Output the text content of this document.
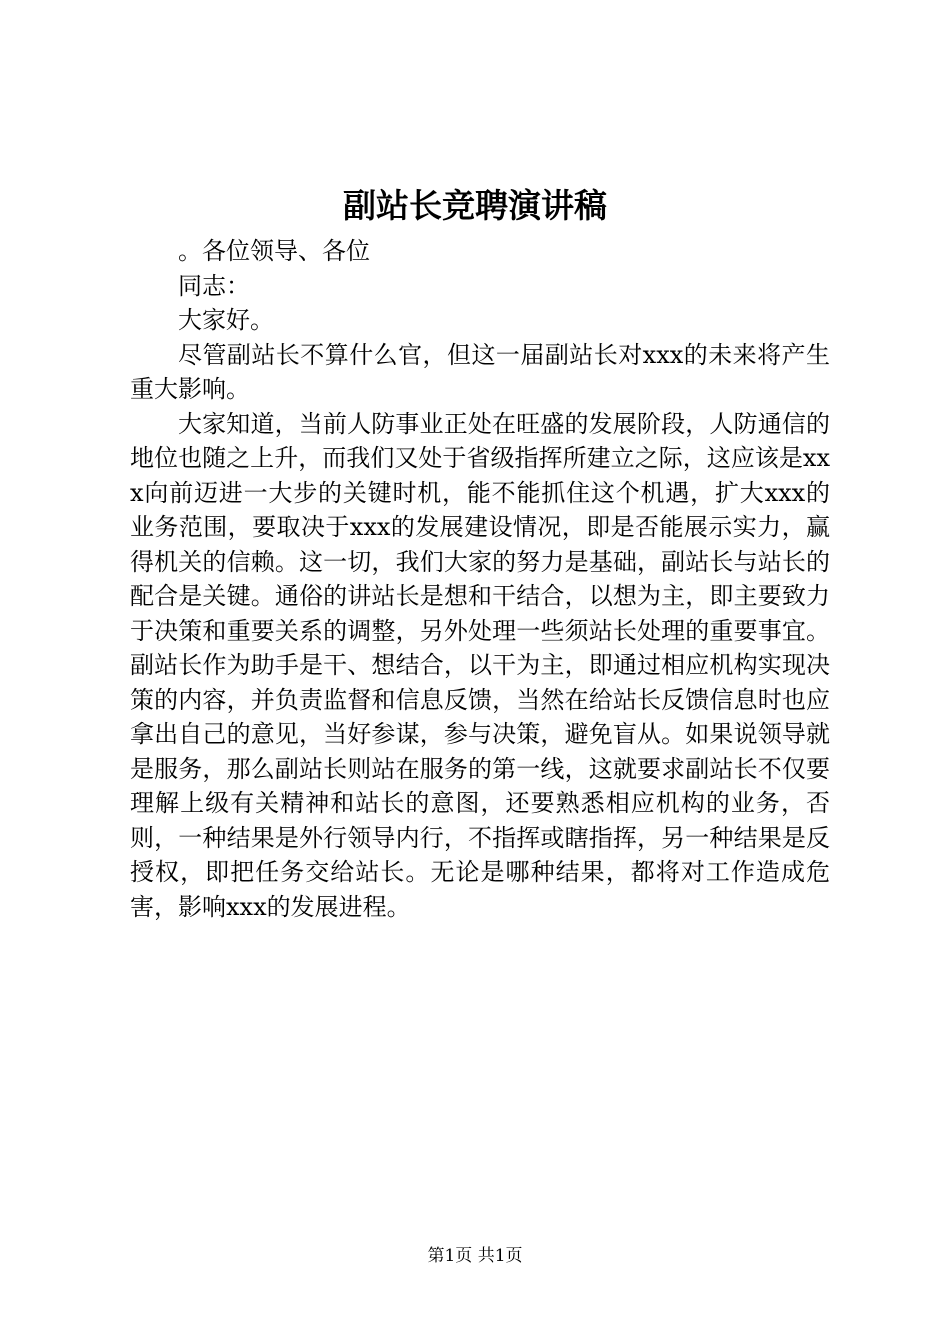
副站长竞聘演讲稿

。各位领导、各位

同志：

大家好。

尽管副站长不算什么官，但这一届副站长对xxx的未来将产生重大影响。

大家知道，当前人防事业正处在旺盛的发展阶段，人防通信的地位也随之上升，而我们又处于省级指挥所建立之际，这应该是xxx向前迈进一大步的关键时机，能不能抓住这个机遇，扩大xxx的业务范围，要取决于xxx的发展建设情况，即是否能展示实力，赢得机关的信赖。这一切，我们大家的努力是基础，副站长与站长的配合是关键。通俗的讲站长是想和干结合，以想为主，即主要致力于决策和重要关系的调整，另外处理一些须站长处理的重要事宜。副站长作为助手是干、想结合，以干为主，即通过相应机构实现决策的内容，并负责监督和信息反馈，当然在给站长反馈信息时也应拿出自己的意见，当好参谋，参与决策，避免盲从。如果说领导就是服务，那么副站长则站在服务的第一线，这就要求副站长不仅要理解上级有关精神和站长的意图，还要熟悉相应机构的业务，否则，一种结果是外行领导内行，不指挥或瞎指挥，另一种结果是反授权，即把任务交给站长。无论是哪种结果，都将对工作造成危害，影响xxx的发展进程。

第1页 共1页
